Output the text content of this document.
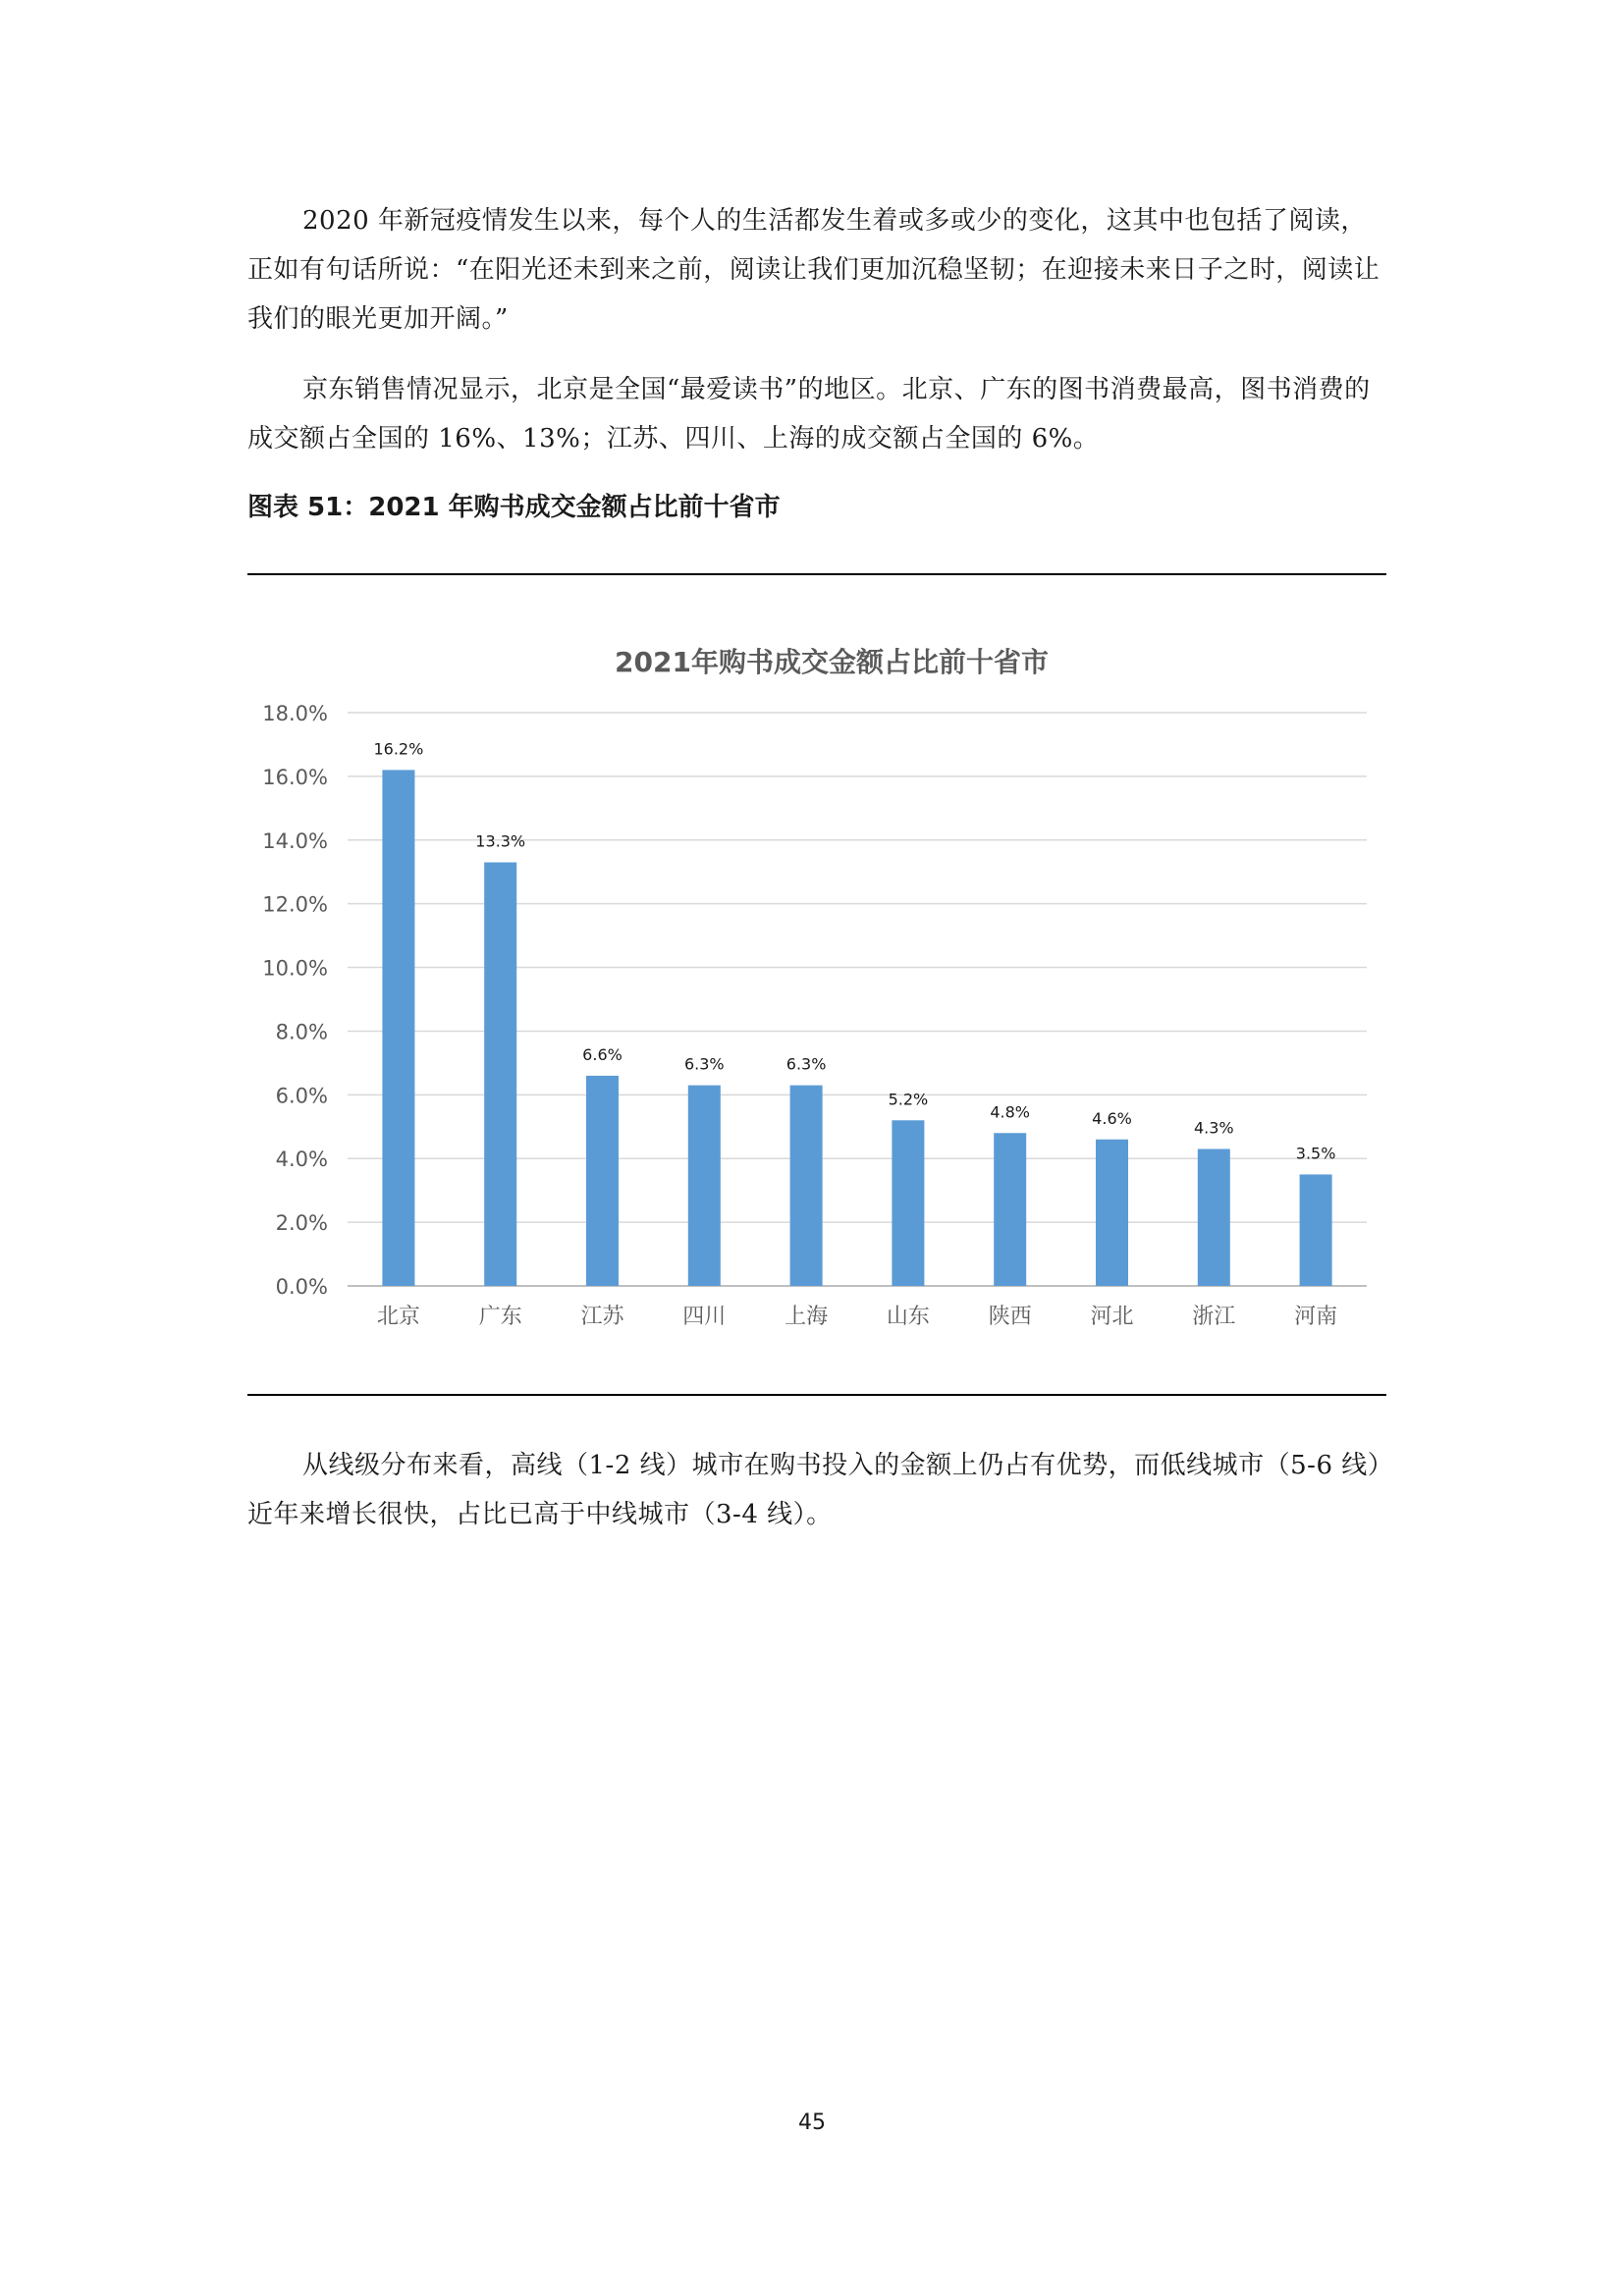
2020 年新冠疫情发生以来，每个人的生活都发生着或多或少的变化，这其中也包括了阅读，正如有句话所说：“在阳光还未到来之前，阅读让我们更加沉稳坚韧；在迎接未来日子之时，阅读让我们的眼光更加开阔。”

京东销售情况显示，北京是全国“最爱读书”的地区。北京、广东的图书消费最高，图书消费的成交额占全国的 16%、13%；江苏、四川、上海的成交额占全国的 6%。

图表 51：2021 年购书成交金额占比前十省市

2021年购书成交金额占比前十省市
0.0%
2.0%
4.0%
6.0%
8.0%
10.0%
12.0%
14.0%
16.0%
18.0%
16.2%
13.3%
6.6%
6.3%	6.3%
5.2%
4.8%	4.6%
4.3%
3.5%
北京	广东	江苏	四川	上海	山东	陕西	河北	浙江	河南

从线级分布来看，高线（1-2 线）城市在购书投入的金额上仍占有优势，而低线城市（5-6 线）近年来增长很快，占比已高于中线城市（3-4 线）。

45
